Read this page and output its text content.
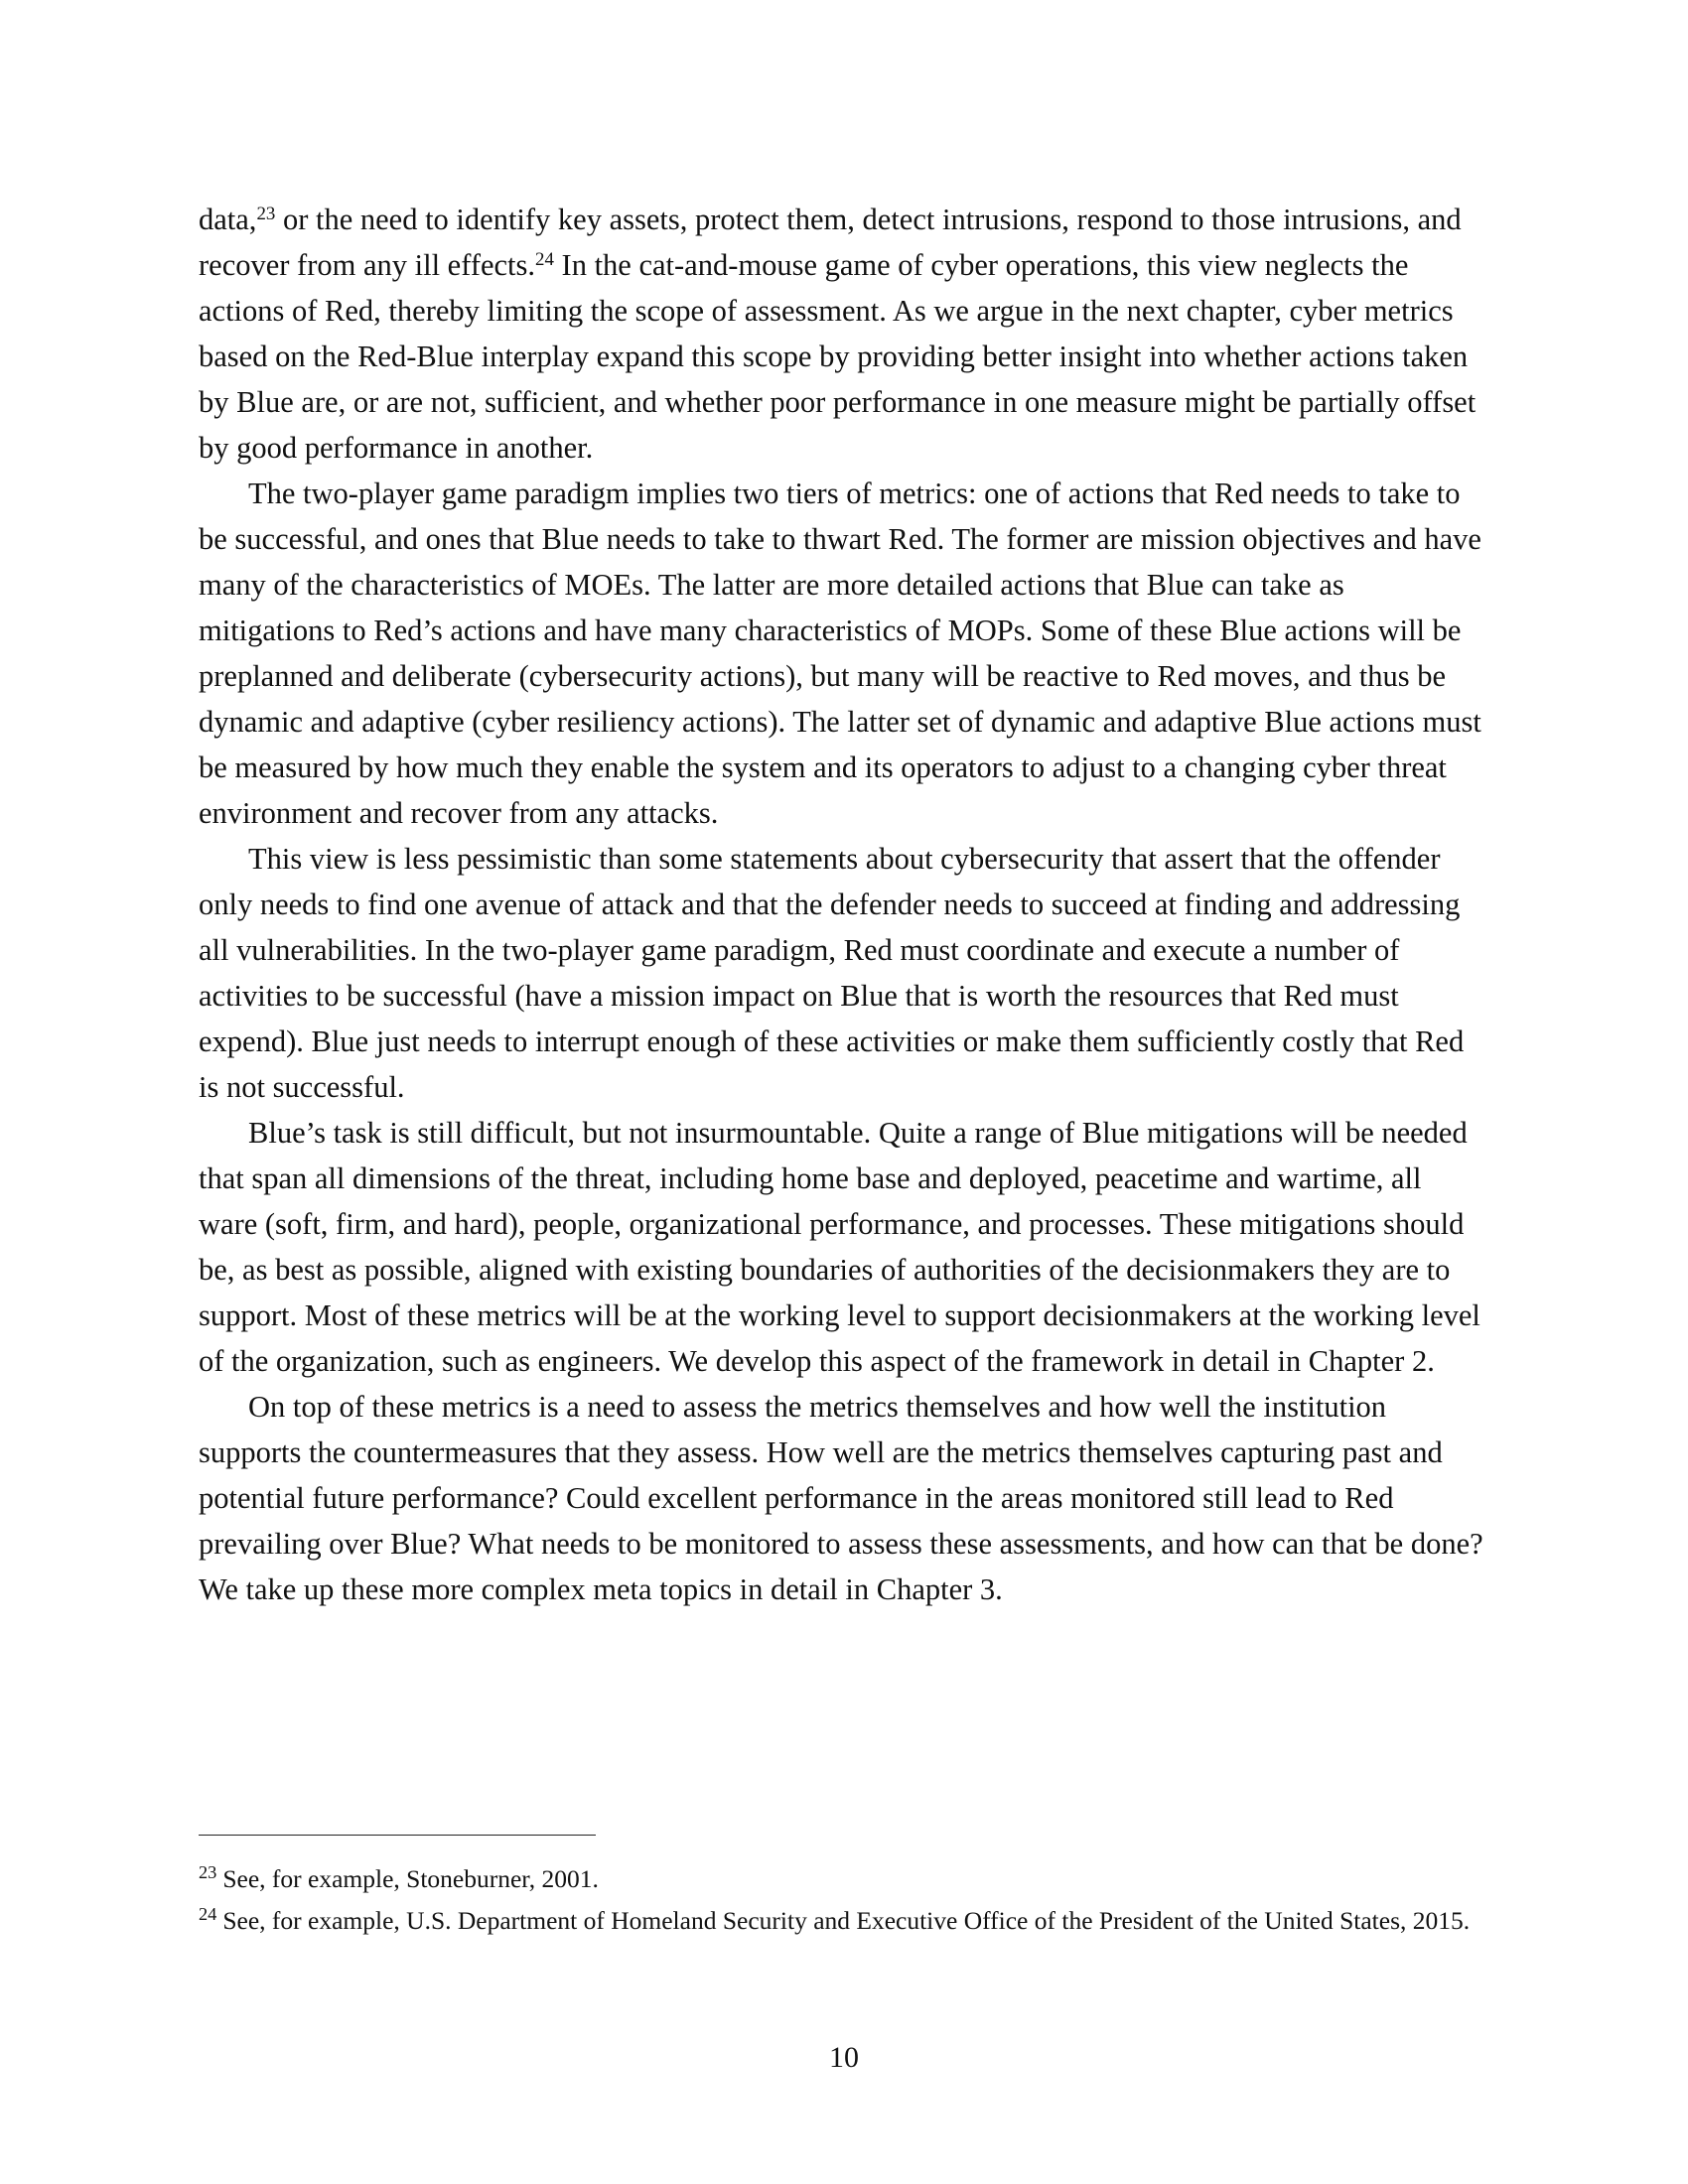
data,$^{23}$ or the need to identify key assets, protect them, detect intrusions, respond to those intrusions, and recover from any ill effects.$^{24}$ In the cat-and-mouse game of cyber operations, this view neglects the actions of Red, thereby limiting the scope of assessment. As we argue in the next chapter, cyber metrics based on the Red-Blue interplay expand this scope by providing better insight into whether actions taken by Blue are, or are not, sufficient, and whether poor performance in one measure might be partially offset by good performance in another.

The two-player game paradigm implies two tiers of metrics: one of actions that Red needs to take to be successful, and ones that Blue needs to take to thwart Red. The former are mission objectives and have many of the characteristics of MOEs. The latter are more detailed actions that Blue can take as mitigations to Red’s actions and have many characteristics of MOPs. Some of these Blue actions will be preplanned and deliberate (cybersecurity actions), but many will be reactive to Red moves, and thus be dynamic and adaptive (cyber resiliency actions). The latter set of dynamic and adaptive Blue actions must be measured by how much they enable the system and its operators to adjust to a changing cyber threat environment and recover from any attacks.

This view is less pessimistic than some statements about cybersecurity that assert that the offender only needs to find one avenue of attack and that the defender needs to succeed at finding and addressing all vulnerabilities. In the two-player game paradigm, Red must coordinate and execute a number of activities to be successful (have a mission impact on Blue that is worth the resources that Red must expend). Blue just needs to interrupt enough of these activities or make them sufficiently costly that Red is not successful.

Blue’s task is still difficult, but not insurmountable. Quite a range of Blue mitigations will be needed that span all dimensions of the threat, including home base and deployed, peacetime and wartime, all ware (soft, firm, and hard), people, organizational performance, and processes. These mitigations should be, as best as possible, aligned with existing boundaries of authorities of the decisionmakers they are to support. Most of these metrics will be at the working level to support decisionmakers at the working level of the organization, such as engineers. We develop this aspect of the framework in detail in Chapter 2.

On top of these metrics is a need to assess the metrics themselves and how well the institution supports the countermeasures that they assess. How well are the metrics themselves capturing past and potential future performance? Could excellent performance in the areas monitored still lead to Red prevailing over Blue? What needs to be monitored to assess these assessments, and how can that be done? We take up these more complex meta topics in detail in Chapter 3.

$^{23}$ See, for example, Stoneburner, 2001.
$^{24}$ See, for example, U.S. Department of Homeland Security and Executive Office of the President of the United States, 2015.
10
